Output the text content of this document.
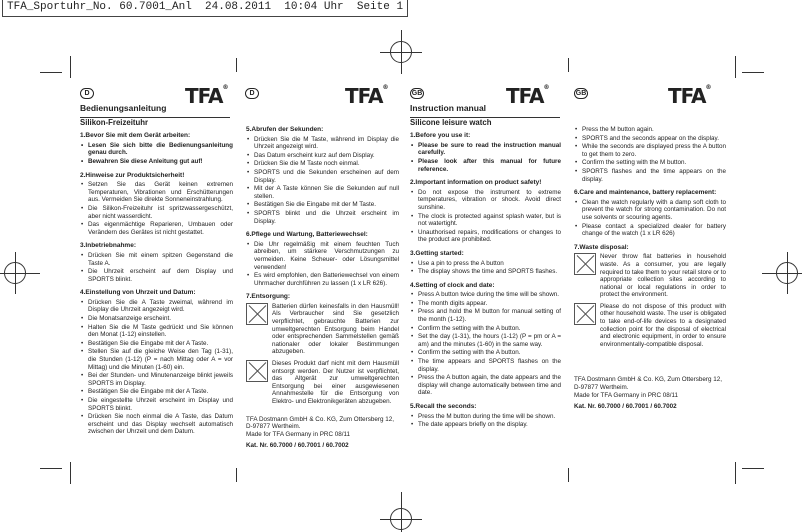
TFA_Sportuhr_No. 60.7001_Anl  24.08.2011  10:04 Uhr  Seite 1
D	TFA®
D	TFA®
GB	TFA®
GB	TFA®
Bedienungsanleitung
Silikon-Freizeituhr
1.Bevor Sie mit dem Gerät arbeiten:
• Lesen Sie sich bitte die Bedienungsanleitung genau durch.
• Bewahren Sie diese Anleitung gut auf!
2.Hinweise zur Produktsicherheit!
• Setzen Sie das Gerät keinen extremen Temperaturen, Vibrationen und Erschütterungen aus. Vermeiden Sie direkte Sonneneinstrahlung.
• Die Silikon-Freizeituhr ist spritzwassergeschützt, aber nicht wasserdicht.
• Das eigenmächtige Reparieren, Umbauen oder Verändern des Gerätes ist nicht gestattet.
3.Inbetriebnahme:
• Drücken Sie mit einem spitzen Gegenstand die Taste A.
• Die Uhrzeit erscheint auf dem Display und SPORTS blinkt.
4.Einstellung von Uhrzeit und Datum:
• Drücken Sie die A Taste zweimal, während im Display die Uhrzeit angezeigt wird.
• Die Monatsanzeige erscheint.
• Halten Sie die M Taste gedrückt und Sie können den Monat (1-12) einstellen.
• Bestätigen Sie die Eingabe mit der A Taste.
• Stellen Sie auf die gleiche Weise den Tag (1-31), die Stunden (1-12) (P = nach Mittag oder A = vor Mittag) und die Minuten (1-60) ein.
• Bei der Stunden- und Minutenanzeige blinkt jeweils SPORTS im Display.
• Bestätigen Sie die Eingabe mit der A Taste.
• Die eingestellte Uhrzeit erscheint im Display und SPORTS blinkt.
• Drücken Sie noch einmal die A Taste, das Datum erscheint und das Display wechselt automatisch zwischen der Uhrzeit und dem Datum.
5.Abrufen der Sekunden:
• Drücken Sie die M Taste, während im Display die Uhrzeit angezeigt wird.
• Das Datum erscheint kurz auf dem Display.
• Drücken Sie die M Taste noch einmal.
• SPORTS und die Sekunden erscheinen auf dem Display.
• Mit der A Taste können Sie die Sekunden auf null stellen.
• Bestätigen Sie die Eingabe mit der M Taste.
• SPORTS blinkt und die Uhrzeit erscheint im Display.
6.Pflege und Wartung, Batteriewechsel:
• Die Uhr regelmäßig mit einem feuchten Tuch abreiben, um stärkere Verschmutzungen zu vermeiden. Keine Scheuer- oder Lösungsmittel verwenden!
• Es wird empfohlen, den Batteriewechsel von einem Uhrmacher durchführen zu lassen (1 x LR 626).
7.Entsorgung:

Batterien dürfen keinesfalls in den Hausmüll! Als Verbraucher sind Sie gesetzlich verpflichtet, gebrauchte Batterien zur umweltgerechten Entsorgung beim Handel oder entsprechenden Sammelstellen gemäß nationaler oder lokaler Bestimmungen abzugeben.

Dieses Produkt darf nicht mit dem Hausmüll entsorgt werden. Der Nutzer ist verpflichtet, das Altgerät zur umweltgerechten Entsorgung bei einer ausgewiesenen Annahmestelle für die Entsorgung von Elektro- und Elektronikgeräten abzugeben.

TFA Dostmann GmbH & Co. KG, Zum Ottersberg 12, D-97877 Wertheim.
Made for TFA Germany in PRC 08/11
Kat. Nr. 60.7000 / 60.7001 / 60.7002
Instruction manual
Silicone leisure watch
1.Before you use it:
• Please be sure to read the instruction manual carefully.
• Please look after this manual for future reference.
2.Important information on product safety!
• Do not expose the instrument to extreme temperatures, vibration or shock. Avoid direct sunshine.
• The clock is protected against splash water, but is not watertight.
• Unauthorised repairs, modifications or changes to the product are prohibited.
3.Getting started:
• Use a pin to press the A button
• The display shows the time and SPORTS flashes.
4.Setting of clock and date:
• Press A button twice during the time will be shown.
• The month digits appear.
• Press and hold the M button for manual setting of the month (1-12).
• Confirm the setting with the A button.
• Set the day (1-31), the hours (1-12) (P = pm or A = am) and the minutes (1-60) in the same way.
• Confirm the setting with the A button.
• The time appears and SPORTS flashes on the display.
• Press the A button again, the date appears and the display will change automatically between time and date.
5.Recall the seconds:
• Press the M button during the time will be shown.
• The date appears briefly on the display.
• Press the M button again.
• SPORTS and the seconds appear on the display.
• While the seconds are displayed press the A button to get them to zero.
• Confirm the setting with the M button.
• SPORTS flashes and the time appears on the display.
6.Care and maintenance, battery replacement:
• Clean the watch regularly with a damp soft cloth to prevent the watch for strong contamination. Do not use solvents or scouring agents.
• Please contact a specialized dealer for battery change of the watch (1 x LR 626)
7.Waste disposal:

Never throw flat batteries in household waste. As a consumer, you are legally required to take them to your retail store or to appropriate collection sites according to national or local regulations in order to protect the environment.

Please do not dispose of this product with other household waste. The user is obligated to take end-of-life devices to a designated collection point for the disposal of electrical and electronic equipment, in order to ensure environmentally-compatible disposal.

TFA Dostmann GmbH & Co. KG, Zum Ottersberg 12, D-97877 Wertheim.
Made for TFA Germany in PRC 08/11
Kat. Nr. 60.7000 / 60.7001 / 60.7002
